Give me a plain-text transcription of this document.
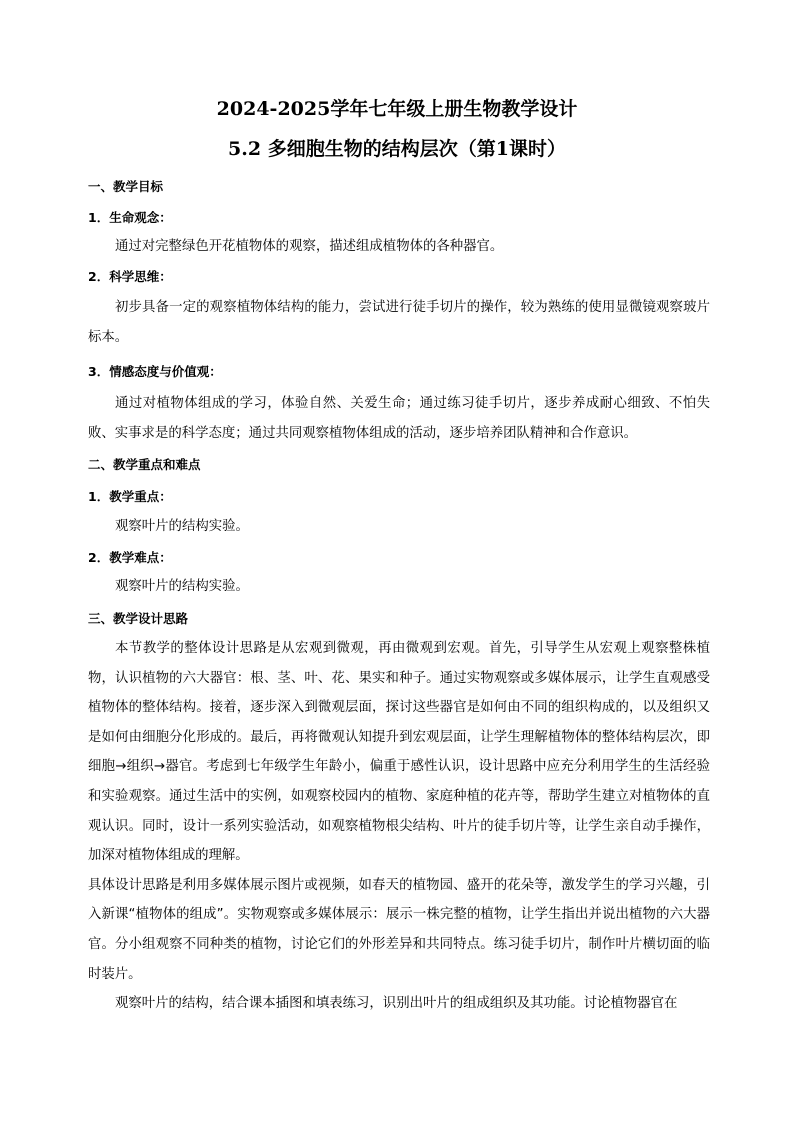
2024-2025学年七年级上册生物教学设计
5.2 多细胞生物的结构层次（第1课时）
一、教学目标
1．生命观念：

通过对完整绿色开花植物体的观察，描述组成植物体的各种器官。

2．科学思维：

初步具备一定的观察植物体结构的能力，尝试进行徒手切片的操作，较为熟练的使用显微镜观察玻片标本。

3．情感态度与价值观：

通过对植物体组成的学习，体验自然、关爱生命；通过练习徒手切片，逐步养成耐心细致、不怕失败、实事求是的科学态度；通过共同观察植物体组成的活动，逐步培养团队精神和合作意识。

二、教学重点和难点
1．教学重点：

观察叶片的结构实验。

2．教学难点：

观察叶片的结构实验。

三、教学设计思路

本节教学的整体设计思路是从宏观到微观，再由微观到宏观。首先，引导学生从宏观上观察整株植物，认识植物的六大器官：根、茎、叶、花、果实和种子。通过实物观察或多媒体展示，让学生直观感受植物体的整体结构。接着，逐步深入到微观层面，探讨这些器官是如何由不同的组织构成的，以及组织又是如何由细胞分化形成的。最后，再将微观认知提升到宏观层面，让学生理解植物体的整体结构层次，即细胞→组织→器官。考虑到七年级学生年龄小，偏重于感性认识，设计思路中应充分利用学生的生活经验和实验观察。通过生活中的实例，如观察校园内的植物、家庭种植的花卉等，帮助学生建立对植物体的直观认识。同时，设计一系列实验活动，如观察植物根尖结构、叶片的徒手切片等，让学生亲自动手操作，加深对植物体组成的理解。

具体设计思路是利用多媒体展示图片或视频，如春天的植物园、盛开的花朵等，激发学生的学习兴趣，引入新课“植物体的组成”。实物观察或多媒体展示：展示一株完整的植物，让学生指出并说出植物的六大器官。分小组观察不同种类的植物，讨论它们的外形差异和共同特点。练习徒手切片，制作叶片横切面的临时装片。

观察叶片的结构，结合课本插图和填表练习，识别出叶片的组成组织及其功能。讨论植物器官在
